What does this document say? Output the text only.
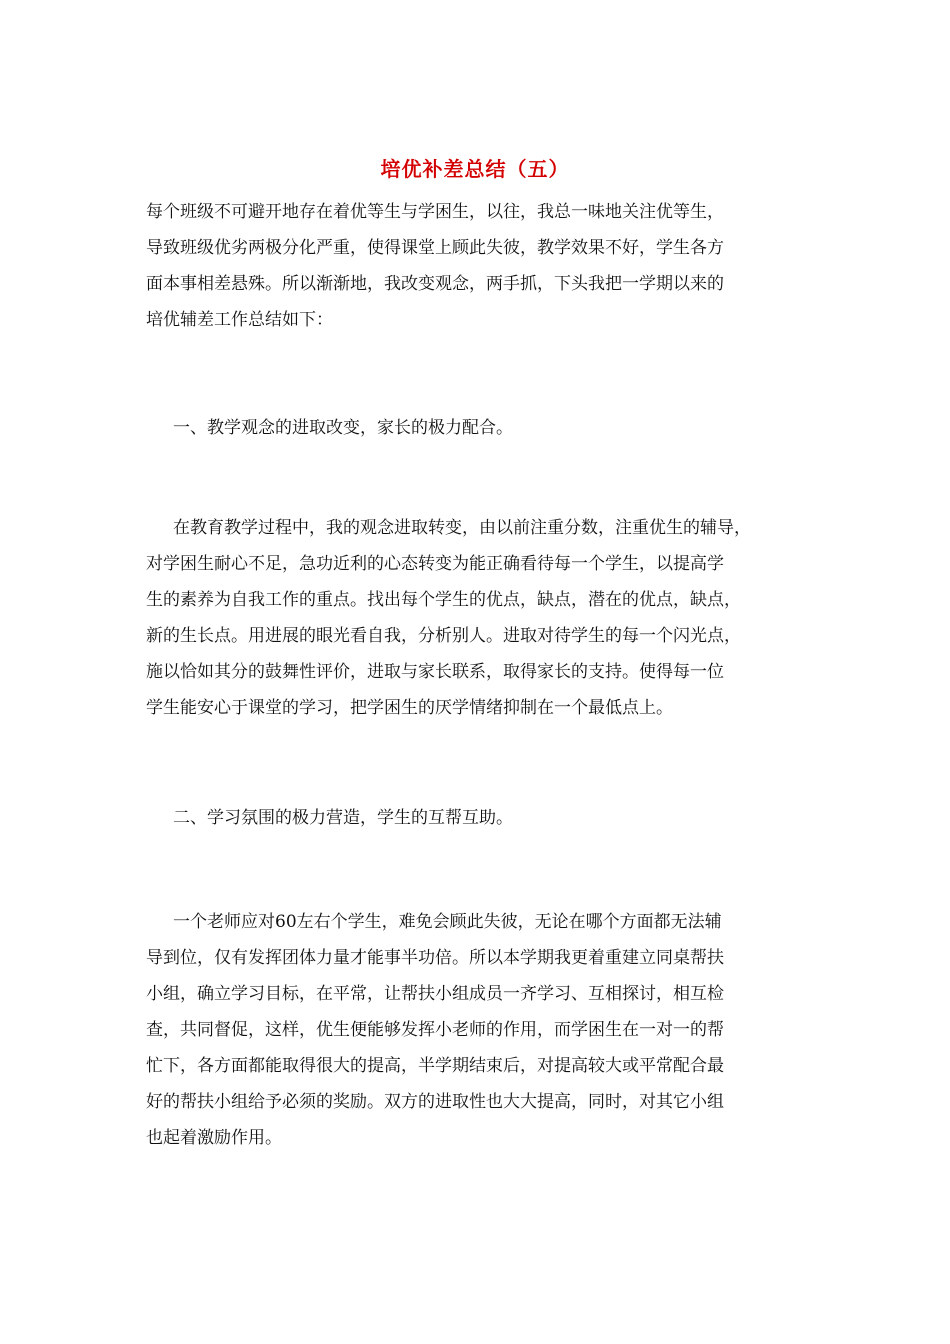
培优补差总结（五）
每个班级不可避开地存在着优等生与学困生，以往，我总一味地关注优等生，
导致班级优劣两极分化严重，使得课堂上顾此失彼，教学效果不好，学生各方
面本事相差悬殊。所以渐渐地，我改变观念，两手抓，下头我把一学期以来的
培优辅差工作总结如下：
一、教学观念的进取改变，家长的极力配合。
在教育教学过程中，我的观念进取转变，由以前注重分数，注重优生的辅导，
对学困生耐心不足，急功近利的心态转变为能正确看待每一个学生，以提高学
生的素养为自我工作的重点。找出每个学生的优点，缺点，潜在的优点，缺点，
新的生长点。用进展的眼光看自我，分析别人。进取对待学生的每一个闪光点，
施以恰如其分的鼓舞性评价，进取与家长联系，取得家长的支持。使得每一位
学生能安心于课堂的学习，把学困生的厌学情绪抑制在一个最低点上。
二、学习氛围的极力营造，学生的互帮互助。
一个老师应对60左右个学生，难免会顾此失彼，无论在哪个方面都无法辅
导到位，仅有发挥团体力量才能事半功倍。所以本学期我更着重建立同桌帮扶
小组，确立学习目标，在平常，让帮扶小组成员一齐学习、互相探讨，相互检
查，共同督促，这样，优生便能够发挥小老师的作用，而学困生在一对一的帮
忙下，各方面都能取得很大的提高，半学期结束后，对提高较大或平常配合最
好的帮扶小组给予必须的奖励。双方的进取性也大大提高，同时，对其它小组
也起着激励作用。
